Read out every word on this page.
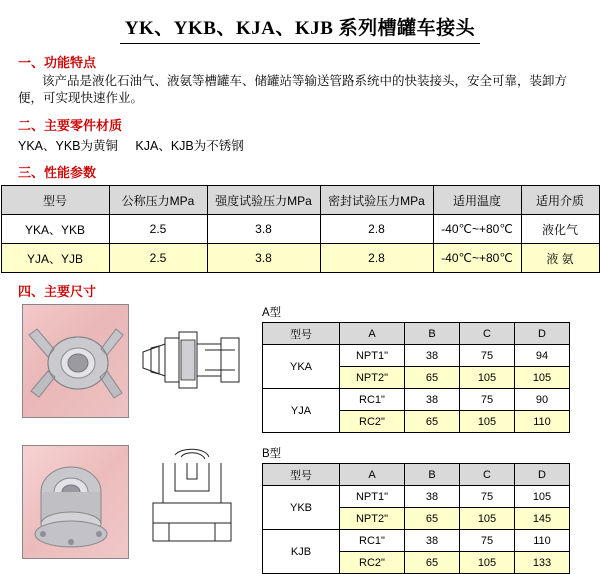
YK、YKB、KJA、KJB 系列槽罐车接头
一、功能特点
该产品是液化石油气、液氨等槽罐车、储罐站等输送管路系统中的快装接头，安全可靠，装卸方便，可实现快速作业。
二、主要零件材质
YKA、YKB为黄铜     KJA、KJB为不锈钢
三、性能参数
型号	公称压力MPa	强度试验压力MPa	密封试验压力MPa	适用温度	适用介质
YKA、YKB	2.5	3.8	2.8	-40℃~+80℃	液化气
YJA、YJB	2.5	3.8	2.8	-40℃~+80℃	液 氨
四、主要尺寸
A型
型号	A	B	C	D
YKA	NPT1"	38	75	94
	NPT2"	65	105	105
YJA	RC1"	38	75	90
	RC2"	65	105	110
B型
型号	A	B	C	D
YKB	NPT1"	38	75	105
	NPT2"	65	105	145
KJB	RC1"	38	75	110
	RC2"	65	105	133
